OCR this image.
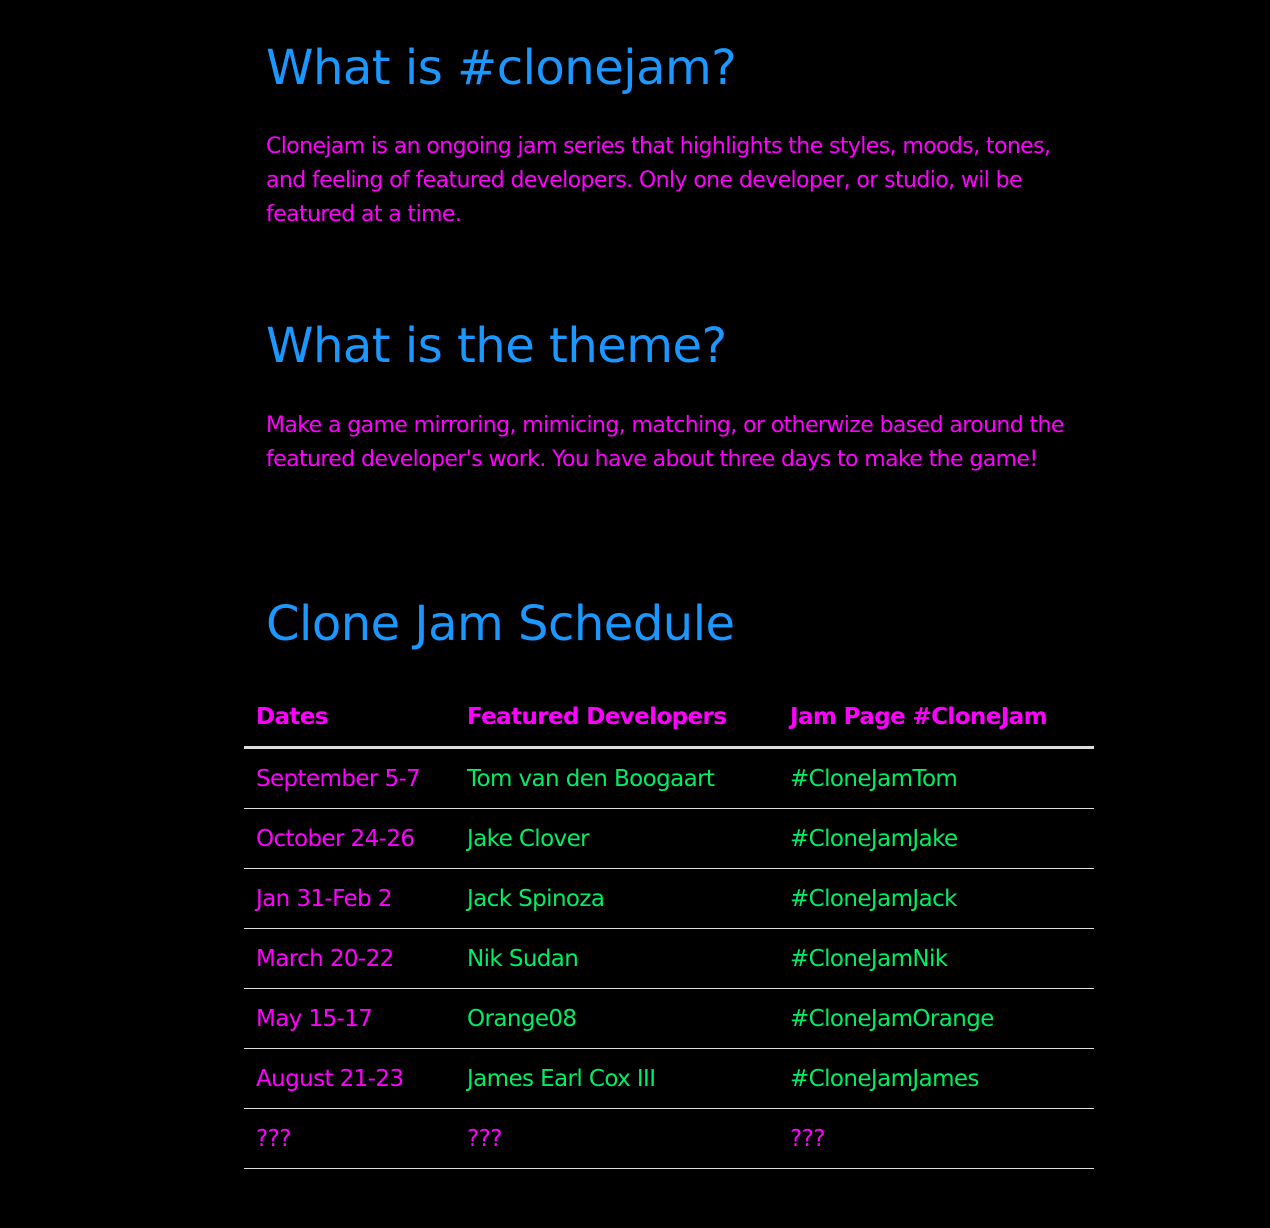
What is #clonejam?

Clonejam is an ongoing jam series that highlights the styles, moods, tones, and feeling of featured developers. Only one developer, or studio, wil be featured at a time.

What is the theme?

Make a game mirroring, mimicing, matching, or otherwize based around the featured developer's work. You have about three days to make the game!

Clone Jam Schedule
Dates	Featured Developers	Jam Page #CloneJam
September 5-7	Tom van den Boogaart	#CloneJamTom
October 24-26	Jake Clover	#CloneJamJake
Jan 31-Feb 2	Jack Spinoza	#CloneJamJack
March 20-22	Nik Sudan	#CloneJamNik
May 15-17	Orange08	#CloneJamOrange
August 21-23	James Earl Cox III	#CloneJamJames
???	???	???
